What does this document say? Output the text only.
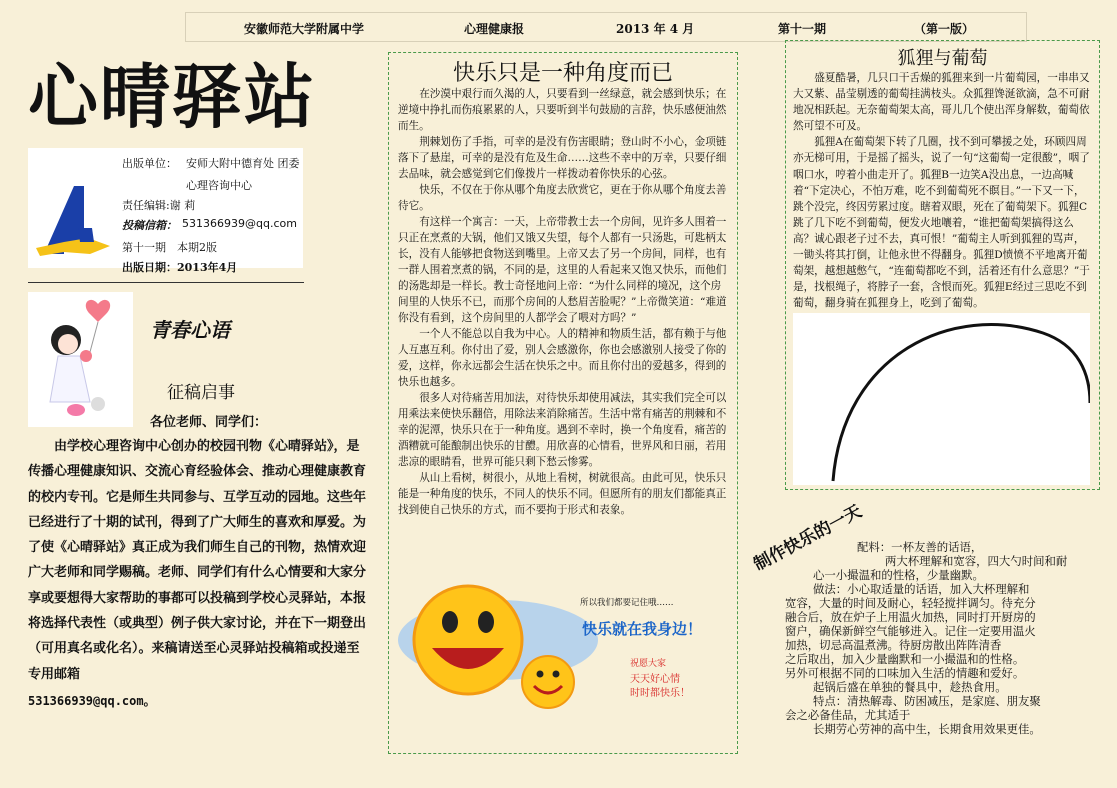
安徽师范大学附属中学	心理健康报	2013 年 4 月	第十一期	（第一版）
心晴驿站
出版单位： 安师大附中德育处 团委
心理咨询中心
责任编辑:谢 莉
投稿信箱： 531366939@qq.com
第十一期　本期2版
出版日期：2013年4月
青春心语
征稿启事
各位老师、同学们：

由学校心理咨询中心创办的校园刊物《心晴驿站》，是传播心理健康知识、交流心育经验体会、推动心理健康教育的校内专刊。它是师生共同参与、互学互动的园地。这些年已经进行了十期的试刊，得到了广大师生的喜欢和厚爱。为了使《心晴驿站》真正成为我们师生自己的刊物，热情欢迎广大老师和同学赐稿。老师、同学们有什么心情要和大家分享或要想得大家帮助的事都可以投稿到学校心灵驿站，本报将选择代表性（或典型）例子供大家讨论，并在下一期登出（可用真名或化名）。来稿请送至心灵驿站投稿箱或投递至专用邮箱

531366939@qq.com。
快乐只是一种角度而已

在沙漠中艰行而久渴的人，只要看到一丝绿意，就会感到快乐；在逆境中挣扎而伤痕累累的人，只要听到半句鼓励的言辞，快乐感便油然而生。

荆棘划伤了手指，可幸的是没有伤害眼睛；登山时不小心，金项链落下了悬崖，可幸的是没有危及生命……这些不幸中的万幸，只要仔细去品味，就会感觉到它们像拨片一样拨动着你快乐的心弦。

快乐，不仅在于你从哪个角度去欣赏它，更在于你从哪个角度去善待它。

有这样一个寓言：一天，上帝带教士去一个房间，见许多人围着一只正在烹煮的大锅，他们又饿又失望，每个人都有一只汤匙，可匙柄太长，没有人能够把食物送到嘴里。上帝又去了另一个房间，同样，也有一群人围着烹煮的锅，不同的是，这里的人看起来又饱又快乐，而他们的汤匙却是一样长。教士奇怪地问上帝：“为什么同样的境况，这个房间里的人快乐不已，而那个房间的人愁眉苦脸呢？”上帝微笑道：“难道你没有看到，这个房间里的人都学会了喂对方吗？”

一个人不能总以自我为中心。人的精神和物质生活，都有赖于与他人互惠互利。你付出了爱，别人会感激你，你也会感激别人接受了你的爱，这样，你永远都会生活在快乐之中。而且你付出的爱越多，得到的快乐也越多。

很多人对待痛苦用加法，对待快乐却使用减法，其实我们完全可以用乘法来使快乐翻倍，用除法来消除痛苦。生活中常有痛苦的荆棘和不幸的泥潭，快乐只在于一种角度。遇到不幸时，换一个角度看，痛苦的酒糟就可能酿制出快乐的甘醴。用欣喜的心情看，世界风和日丽，若用悲凉的眼睛看，世界可能只剩下愁云惨雾。

从山上看树，树很小，从地上看树，树就很高。由此可见，快乐只能是一种角度的快乐，不同人的快乐不同。但愿所有的朋友们都能真正找到使自己快乐的方式，而不要拘于形式和表象。

所以我们都要记住哦……
快乐就在我身边！
祝愿大家
天天好心情
时时都快乐！
狐狸与葡萄

盛夏酷暑，几只口干舌燥的狐狸来到一片葡萄园，一串串又大又紫、晶莹剔透的葡萄挂满枝头。众狐狸馋涎欲滴，急不可耐地况相跃起。无奈葡萄架太高，哥儿几个使出浑身解数，葡萄依然可望不可及。

狐狸A在葡萄架下转了几圈，找不到可攀援之处，环顾四周亦无梯可用，于是摇了摇头，说了一句“这葡萄一定很酸”，咽了咽口水，哼着小曲走开了。狐狸B一边笑A没出息，一边高喊着“下定决心，不怕万难，吃不到葡萄死不瞑目。”一下又一下，跳个没完，终因劳累过度。瞎着双眼，死在了葡萄架下。狐狸C跳了几下吃不到葡萄，便发火地嚷着，“谁把葡萄架搞得这么高？诚心跟老子过不去，真可恨！”葡萄主人听到狐狸的骂声，一锄头将其打倒，让他永世不得翻身。狐狸D愤愤不平地离开葡萄架，越想越憋气，“连葡萄都吃不到，活着还有什么意思？”于是，找根绳子，将脖子一套，含恨而死。狐狸E经过三思吃不到葡萄，翻身骑在狐狸身上，吃到了葡萄。

制作快乐的一天
配料：一杯友善的话语，
两大杯理解和宽容，四大勺时间和耐
心一小撮温和的性格，少量幽默。
做法：小心取适量的话语，加入大杯理解和
宽容，大量的时间及耐心，轻轻搅拌调匀。待充分
融合后，放在炉子上用温火加热，同时打开厨房的
窗户，确保新鲜空气能够进入。记住一定要用温火
加热，切忌高温煮沸。待厨房散出阵阵清香
之后取出，加入少量幽默和一小撮温和的性格。
另外可根据不同的口味加入生活的情趣和爱好。
起锅后盛在单独的餐具中，趁热食用。
特点：清热解毒、防困减压，是家庭、朋友聚
会之必备佳品，尤其适于
长期劳心劳神的高中生，长期食用效果更佳。
